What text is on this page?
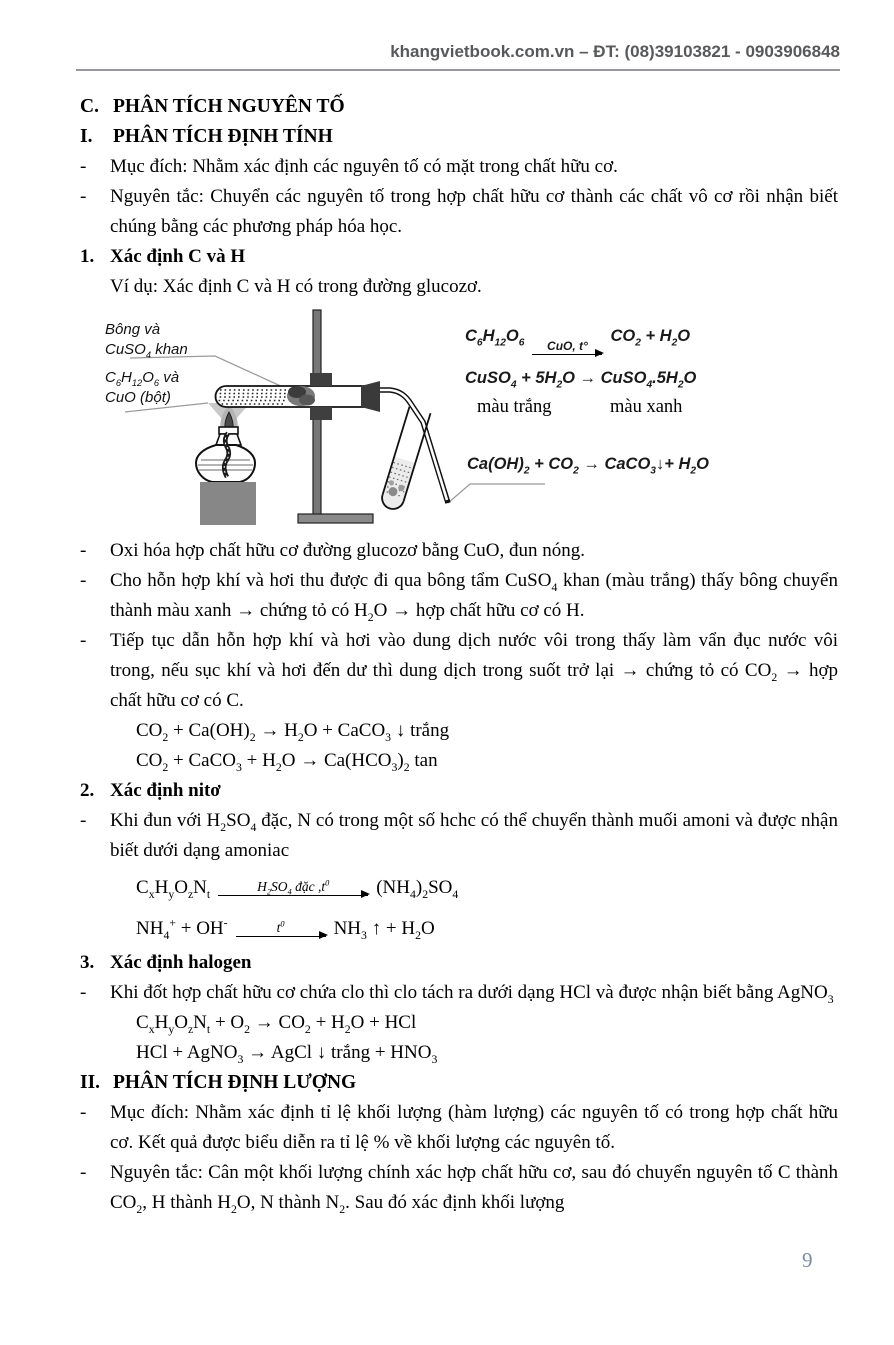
khangvietbook.com.vn – ĐT: (08)39103821 - 0903906848
C. PHÂN TÍCH NGUYÊN TỐ
I.	PHÂN TÍCH ĐỊNH TÍNH
-	Mục đích: Nhằm xác định các nguyên tố có mặt trong chất hữu cơ.
-	Nguyên tắc: Chuyển các nguyên tố trong hợp chất hữu cơ thành các chất vô cơ rồi nhận biết chúng bằng các phương pháp hóa học.
1. Xác định C và H
Ví dụ: Xác định C và H có trong đường glucozơ.
Bông và
CuSO$_4$ khan
$C_6H_{12}O_6$ và
CuO (bột)
$C_6H_{12}O_6$	CuO, t°
$CO_2 + H_2O$
CuSO$_4$ + $5H_2O$ → $CuSO_4.5H_2O$
màu trắng	màu xanh
$Ca(OH)_2 + CO_2$ → CaCO$_3$↓+ $H_2O$
-	Oxi hóa hợp chất hữu cơ đường glucozơ bằng CuO, đun nóng.
-	Cho hỗn hợp khí và hơi thu được đi qua bông tẩm CuSO$_4$ khan (màu trắng) thấy bông chuyển thành màu xanh → chứng tỏ có $H_2O$ → hợp chất hữu cơ có H.
-	Tiếp tục dẫn hỗn hợp khí và hơi vào dung dịch nước vôi trong thấy làm vẩn đục nước vôi trong, nếu sục khí và hơi đến dư thì dung dịch trong suốt trở lại → chứng tỏ có $CO_2$ → hợp chất hữu cơ có C.
$CO_2 + Ca(OH)_2 \to H_2O$ + CaCO$_3$ ↓ trắng
$CO_2$ + CaCO$_3$ + $H_2O \to Ca(HCO_3)_2$ tan
2. Xác định nitơ
-	Khi đun với $H_2SO_4$ đặc, N có trong một số hchc có thể chuyển thành muối amoni và được nhận biết dưới dạng amoniac
$C_xH_yO_zN_t$
$H_2SO_4$ đặc $,t^0$ $(NH_4)_2SO_4$
$NH_4^+ + OH^-$	$t^0$	$NH_3$ ↑ + $H_2O$
3. Xác định halogen
-	Khi đốt hợp chất hữu cơ chứa clo thì clo tách ra dưới dạng HCl và được nhận biết bằng AgNO$_3$
$C_xH_yO_zN_t + O_2 \to CO_2 + H_2O$ + HCl
HCl + AgNO$_3$ → AgCl ↓ trắng + $HNO_3$
II. PHÂN TÍCH ĐỊNH LƯỢNG
-	Mục đích: Nhằm xác định tỉ lệ khối lượng (hàm lượng) các nguyên tố có trong hợp chất hữu cơ. Kết quả được biểu diễn ra tỉ lệ % về khối lượng các nguyên tố.
-	Nguyên tắc: Cân một khối lượng chính xác hợp chất hữu cơ, sau đó chuyển nguyên tố C thành $CO_2$, H thành $H_2O$, N thành $N_2$. Sau đó xác định khối lượng
9
